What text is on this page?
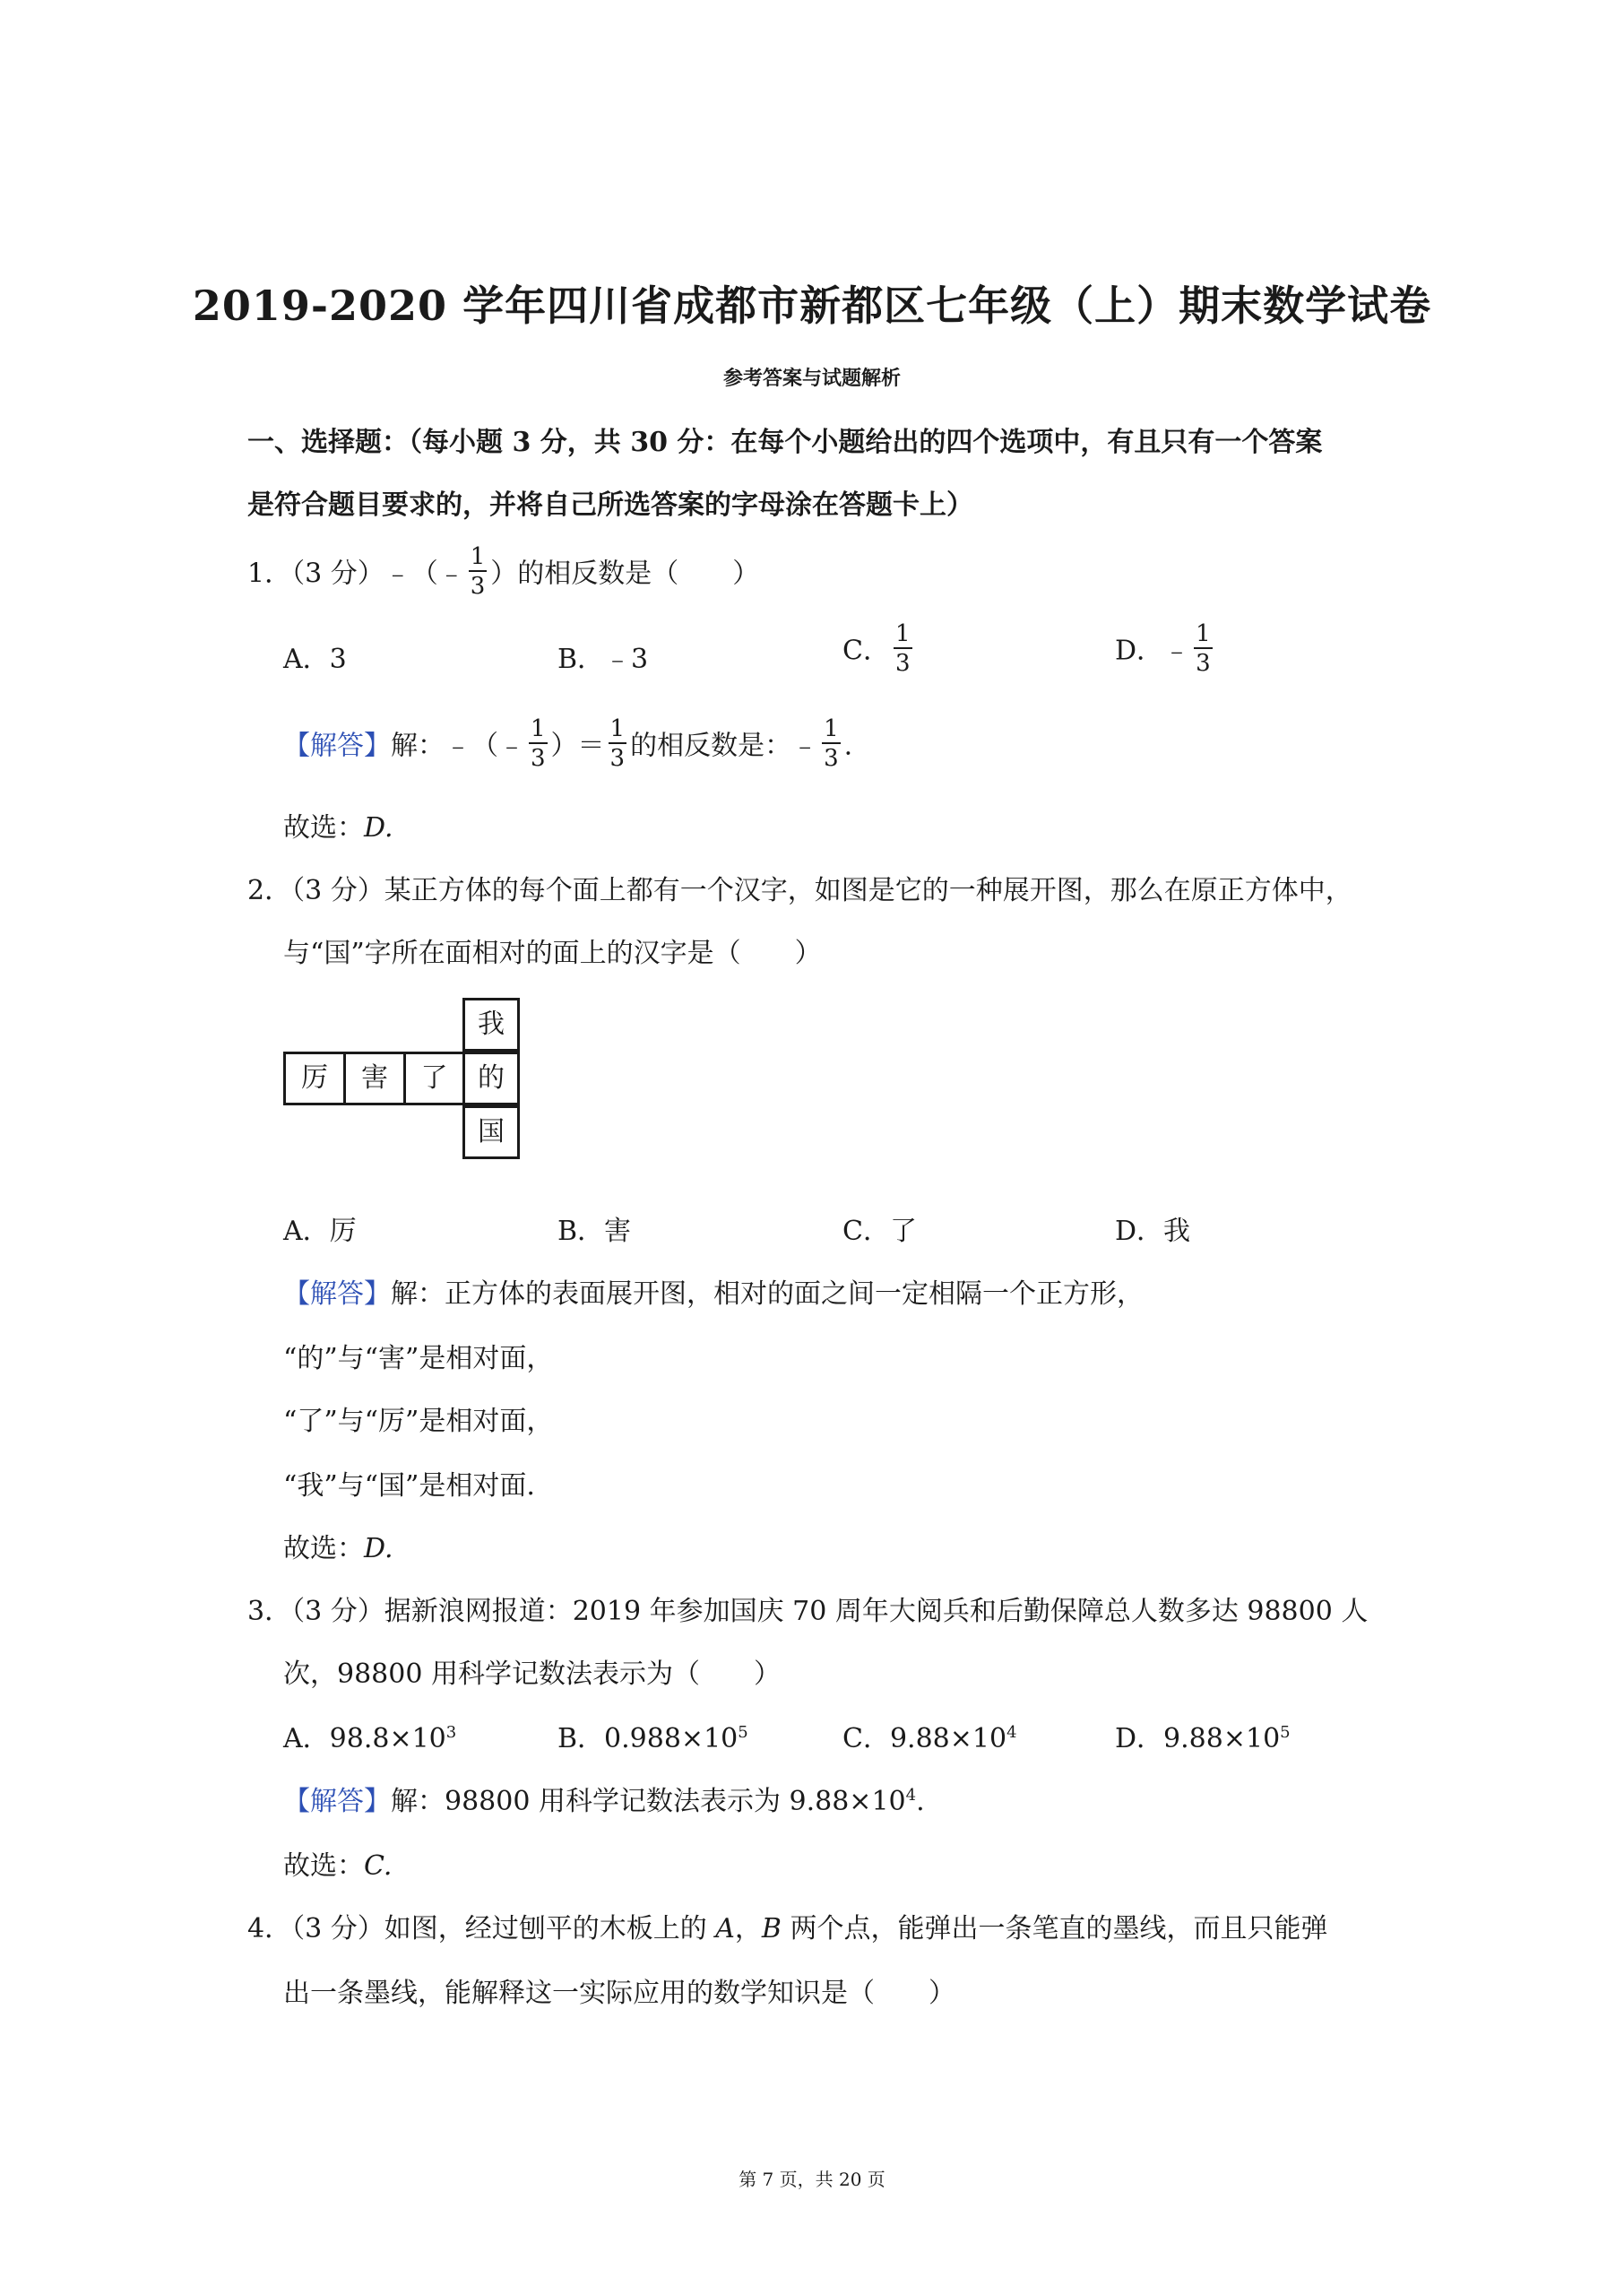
2019-2020 学年四川省成都市新都区七年级（上）期末数学试卷
参考答案与试题解析
一、选择题：（每小题 3 分，共 30 分：在每个小题给出的四个选项中，有且只有一个答案
是符合题目要求的，并将自己所选答案的字母涂在答题卡上）
1．（3 分）﹣（﹣ $\frac{1}{3}$ ）的相反数是（　　）
A．3	B．﹣3	C． $\frac{1}{3}$	D．﹣ $\frac{1}{3}$
【解答】解：﹣（﹣ $\frac{1}{3}$ ）＝ $\frac{1}{3}$ 的相反数是：﹣ $\frac{1}{3}$ .
故选：D.
2．（3 分）某正方体的每个面上都有一个汉字，如图是它的一种展开图，那么在原正方体中，
与“国”字所在面相对的面上的汉字是（　　）
我
厉	害	了	的
国
A．厉	B．害	C．了	D．我
【解答】解：正方体的表面展开图，相对的面之间一定相隔一个正方形，
“的”与“害”是相对面，
“了”与“厉”是相对面，
“我”与“国”是相对面.
故选：D.
3．（3 分）据新浪网报道：2019 年参加国庆 70 周年大阅兵和后勤保障总人数多达 98800 人
次，98800 用科学记数法表示为（　　）
A．$98.8\times 10^3$	B．$0.988\times 10^5$	C．$9.88\times 10^4$	D．$9.88\times 10^5$
【解答】解：98800 用科学记数法表示为 $9.88\times 10^4$.
故选：C.
4．（3 分）如图，经过刨平的木板上的 A，B 两个点，能弹出一条笔直的墨线，而且只能弹
出一条墨线，能解释这一实际应用的数学知识是（　　）
第 7 页，共 20 页
